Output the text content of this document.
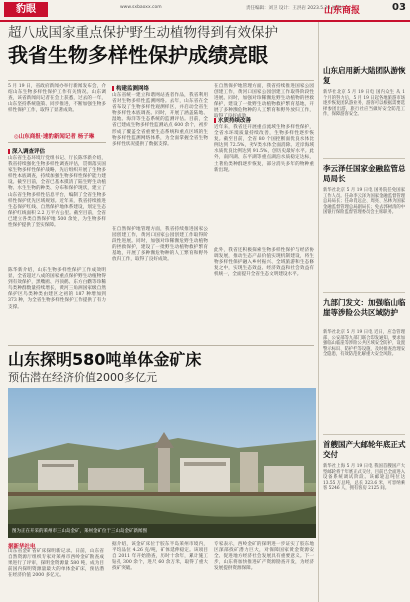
豹眼	www.sxbaoxx.com	责任编辑：刘卫 设计：王洪岩 2023.5.20 星期六
山东商报	03
超八成国家重点保护野生动植物得到有效保护
我省生物多样性保护成绩亮眼
5 月 19 日，省政府新闻办举行新闻发布会，介绍山东生物多样性保护工作有关情况。山东调查，该省新闻问记者在会上获悉，过去的一年，山东坚持系统施策、同步推进，不断加强生物多样性保护工作，取得了显著成效。
◎山东商报·速豹新闻记者 杨子琳
深入调查评估
山东省生态环境厅党组书记、厅长陈华新介绍，我省持续强化生物多样性调查评估，贯彻落实国家生物多样性保护战略，先后组织开展了生物多样性本底调查，持续加强生物多样性保护能力建设。截至目前，全省已基本摸清了陆生野生动植物、水生生物的种类、分布和保护现状，建立了山东省生物多样性信息平台，编制了全省生物多样性保护优先区域规划。近年来，我省持续推进生态保护红线、自然保护地体系建设，划定生态保护红线面积 2.2 万平方公里。截至目前，全省已建立各类自然保护地 500 余处，为生物多样性保护提供了坚实保障。
陈华新介绍，山东生物多样性保护工作成效明显，全省超过八成的国家重点保护野生动植物得到有效保护，黑嘴鸥、丹顶鹤、东方白鹳等珍稀鸟类种群数量持续增长，黄河三角洲国家级自然保护区鸟类种类由建区之初的 187 种增加到 373 种，为全省生物多样性保护工作提供了有力支撑。
构建监测网络
山东省统一建立和谐网站查者作品，我省利用省对生物多样性监测网络。去年，山东省在全省布设了生物多样性观测样区，并启动全省生物多样性本底调查。同时，开展了涵盖陆地、湿地、海洋等生态系统的监测评估。目前，全省已建成生物多样性监测站点 600 余个，初步形成了覆盖全省重要生态系统和重点区域的生物多样性监测网络体系，为全面掌握全省生物多样性状况提供了数据支撑。
在自然保护地管理方面，我省持续推进国家公园创建工作，黄河口国家公园创建工作取得阶段性进展。同时，加强对珍稀濒危野生动植物的拯救保护，建设了一批野生动植物救护繁育基地，开展了多种濒危物种的人工繁育和野外放归工作，取得了良好成效。
在自然保护地管理方面，我省持续推进国家公园创建工作，黄河口国家公园创建工作取得阶段性进展。同时，加强对珍稀濒危野生动植物的拯救保护，建设了一批野生动植物救护繁育基地，开展了多种濒危物种的人工繁育和野外放归工作，取得了良好成效。
水质持续改善
近年来，我省还开展重点流域生物多样性保护，全省水环境质量持续改善，生物多样性逐步恢复。截至目前，全省 80 个国控断面优良水体比例达到 72.5%，劣Ⅴ类水体全面消除。近岸海域水质优良比例达到 91.5%，创历史最好水平。此外，南四湖、东平湖等重点湖泊水质稳定达标，土著鱼类种群逐步恢复，部分消失多年的物种重新出现。
此外，我省还积极探索生物多样性保护与经济协调发展，推动生态产品价值实现机制建设，将生物多样性保护融入乡村振兴、全域旅游和生态修复之中，实现生态效益、经济效益和社会效益有机统一，全面提升全省生态文明建设水平。
山东探明580吨单体金矿床
预估潜在经济价值2000多亿元
图为正在开采的莱州市三山岛金矿，莱州金矿位于三山岛金矿新闻图
据新华社电
山东省金矿省矿床探明新记录。日前，山东省自然资源厅组织专家对莱州市西岭金矿勘查成果进行了评审，探明金资源量 580 吨，成为目前国内探明资源量最大的单体金矿床，预估潜在经济价值 2000 多亿元。
据介绍，该金矿床位于胶东半岛莱州市境内，平均品位 4.26 克/吨，矿体延伸稳定。该项目自 2011 年开始勘查，历时十余年，累计施工钻孔 300 余个，进尺 60 余万米，取得了重大找矿突破。
专家表示，西岭金矿的探明进一步证实了胶东地区深部找矿潜力巨大，对保障国家黄金资源安全、促进地方经济社会发展具有重要意义。下一步，山东将加快推进矿产资源勘查开发，为经济发展提供资源保障。
山东启用新大陆团队游恢复
新华社北京 5 月 19 日电 国内众生 从 1 个月的努力后，5 月 19 日起各地旅游市场逐步恢复团队游业务，游客可以根据需要选择参团出游，旅行社应当做好安全防范工作，保障游客安全。
李云泽任国家金融监管总局局长
新华社北京 5 月 19 日电 国务院任免国家工作人员。任命李云泽为国家金融监督管理总局局长；任命肖远企、周亮、丛林为国家金融监督管理总局副局长；免去郭树清的中国银行保险监督管理委员会主席职务。
九部门发文：加强临山临崖等涉险公共区域防护
新华社北京 5 月 19 日电 近日，应急管理部、公安部等九部门联合印发通知，要求加强临山临崖等涉险公共区域安全防护，设置警示标识、防护栏等设施，及时排查治理安全隐患，有效防范化解重大安全风险。
首艘国产大邮轮年底正式交付
新华社上海 5 月 19 日电 我国首艘国产大型邮轮将于年底正式交付，目前已全面进入设备系统调试阶段。该邮轮总吨位达 13.55 万总吨，总长 323.6 米，可容纳乘客 5246 人，拥有客房 2125 间。
